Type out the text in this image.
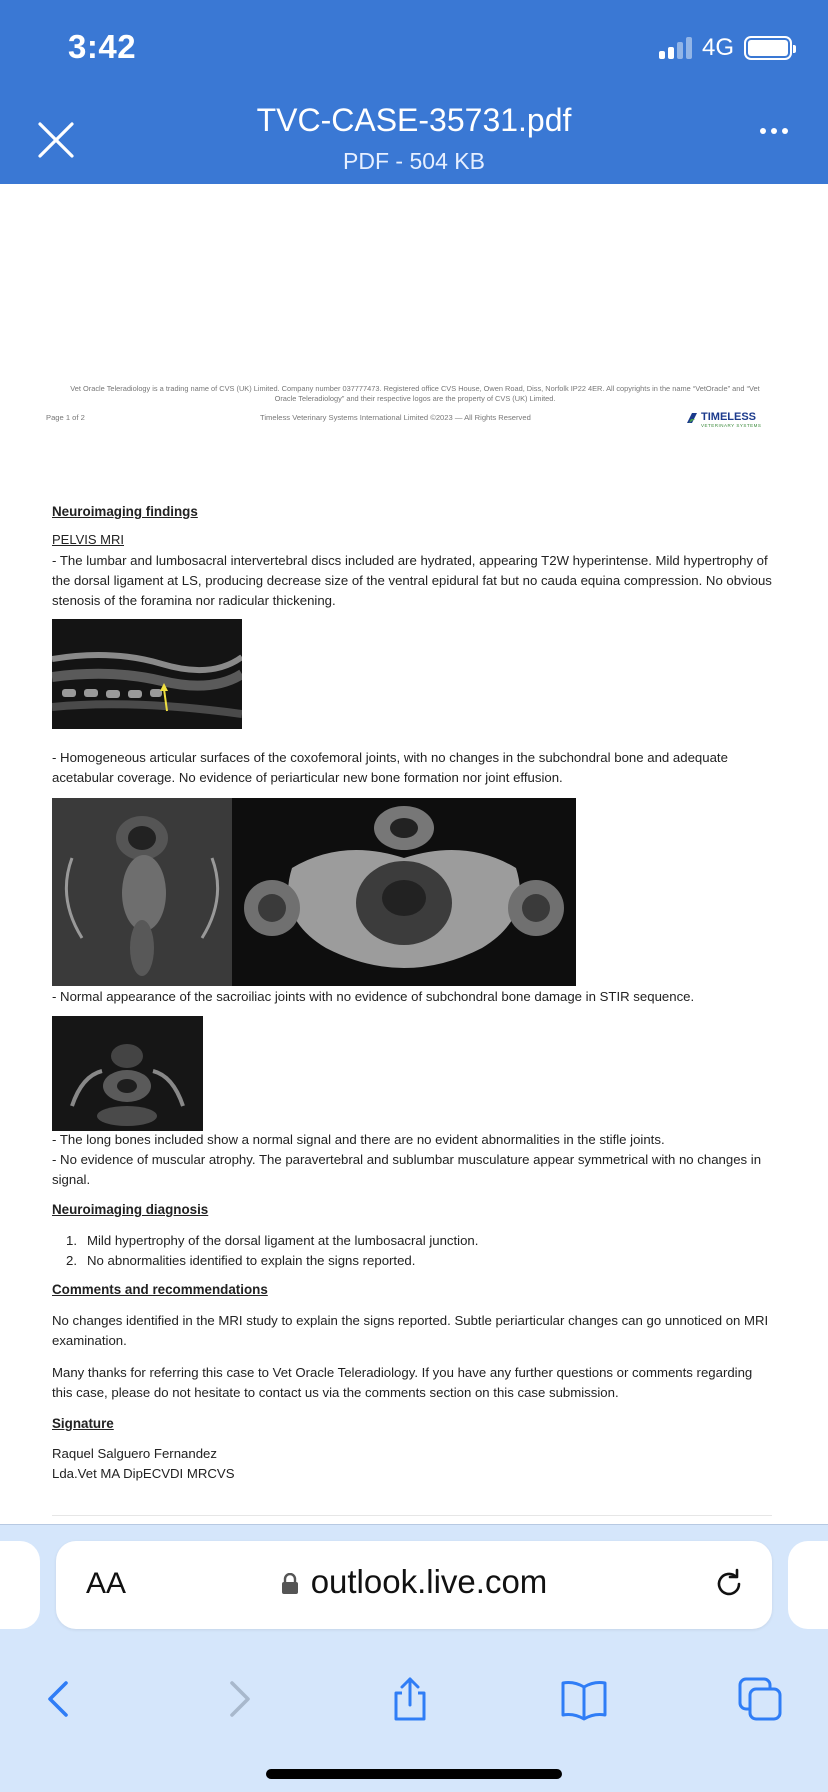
3:42	4G
TVC-CASE-35731.pdf
PDF - 504 KB
Vet Oracle Teleradiology is a trading name of CVS (UK) Limited. Company number 037777473. Registered office CVS House, Owen Road, Diss, Norfolk IP22 4ER. All copyrights in the name “VetOracle” and “Vet Oracle Teleradiology” and their respective logos are the property of CVS (UK) Limited.
Page 1 of 2	Timeless Veterinary Systems International Limited ©2023 — All Rights Reserved	TIMELESS
VETERINARY SYSTEMS
Neuroimaging findings
PELVIS MRI
- The lumbar and lumbosacral intervertebral discs included are hydrated, appearing T2W hyperintense. Mild hypertrophy of the dorsal ligament at LS, producing decrease size of the ventral epidural fat but no cauda equina compression. No obvious stenosis of the foramina nor radicular thickening.
- Homogeneous articular surfaces of the coxofemoral joints, with no changes in the subchondral bone and adequate acetabular coverage. No evidence of periarticular new bone formation nor joint effusion.
- Normal appearance of the sacroiliac joints with no evidence of subchondral bone damage in STIR sequence.
- The long bones included show a normal signal and there are no evident abnormalities in the stifle joints.
- No evidence of muscular atrophy. The paravertebral and sublumbar musculature appear symmetrical with no changes in signal.
Neuroimaging diagnosis
1. Mild hypertrophy of the dorsal ligament at the lumbosacral junction.
2. No abnormalities identified to explain the signs reported.
Comments and recommendations
No changes identified in the MRI study to explain the signs reported. Subtle periarticular changes can go unnoticed on MRI examination.
Many thanks for referring this case to Vet Oracle Teleradiology. If you have any further questions or comments regarding this case, please do not hesitate to contact us via the comments section on this case submission.
Signature
Raquel Salguero Fernandez
Lda.Vet MA DipECVDI MRCVS
AA	outlook.live.com
